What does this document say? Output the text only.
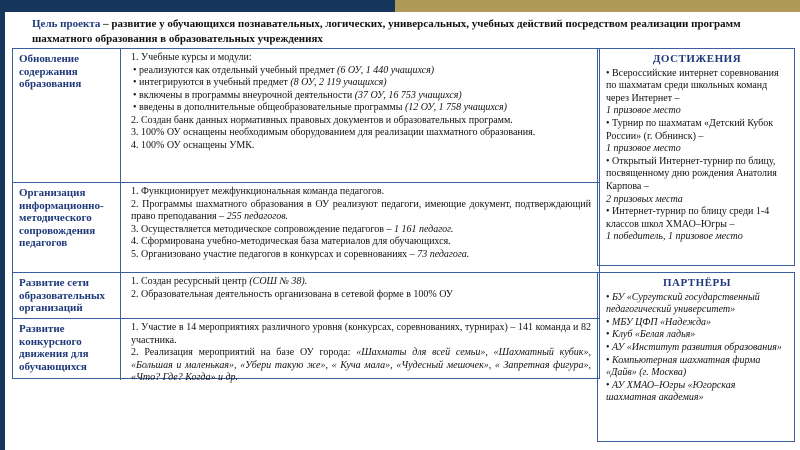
Цель проекта – развитие у обучающихся познавательных, логических, универсальных, учебных действий посредством реализации программ шахматного образования в образовательных учреждениях
Обновление содержания образования

1. Учебные курсы и модули:

• реализуются как отдельный учебный предмет (6 ОУ, 1 440 учащихся)

• интегрируются в учебный предмет (8 ОУ, 2 119 учащихся)

• включены в программы внеурочной деятельности (37 ОУ, 16 753 учащихся)

• введены в дополнительные общеобразовательные программы (12 ОУ, 1 758 учащихся)

2. Создан банк данных нормативных правовых документов и образовательных программ.

3. 100% ОУ оснащены необходимым оборудованием для реализации шахматного образования.

4. 100% ОУ оснащены УМК.

Организация информационно-методического сопровождения педагогов

1. Функционирует межфункциональная команда педагогов.

2. Программы шахматного образования в ОУ реализуют педагоги, имеющие документ, подтверждающий право преподавания – 255 педагогов.

3. Осуществляется методическое сопровождение педагогов – 1 161 педагог.

4. Сформирована учебно-методическая база материалов для обучающихся.

5. Организовано участие педагогов в конкурсах и соревнованиях – 73 педагога.

Развитие сети образовательных организаций

1. Создан ресурсный центр (СОШ № 38).

2. Образовательная деятельность организована в сетевой форме в 100% ОУ

Развитие конкурсного движения для обучающихся

1. Участие в 14 мероприятиях различного уровня (конкурсах, соревнованиях, турнирах) – 141 команда и 82 участника.

2. Реализация мероприятий на базе ОУ города: «Шахматы для всей семьи», «Шахматный кубик», «Большая и маленькая», «Убери такую же», « Куча мала», «Чудесный мешочек», « Запретная фигура», «Что? Где? Когда» и др.

ДОСТИЖЕНИЯ

• Всероссийские интернет соревнования по шахматам среди школьных команд через Интернет –

1 призовое место

• Турнир по шахматам «Детский Кубок России» (г. Обнинск) –

1 призовое место

• Открытый Интернет-турнир по блицу, посвященному дню рождения Анатолия Карпова –

2 призовых места

• Интернет-турнир по блицу среди 1-4 классов школ ХМАО–Югры –

1 победитель, 1 призовое место

ПАРТНЁРЫ

• БУ «Сургутский государственный педагогический университет»

• МБУ ЦФП «Надежда»

• Клуб «Белая ладья»

• АУ «Институт развития образования»

• Компьютерная шахматная фирма «Дайв» (г. Москва)

• АУ ХМАО–Югры «Югорская шахматная академия»
